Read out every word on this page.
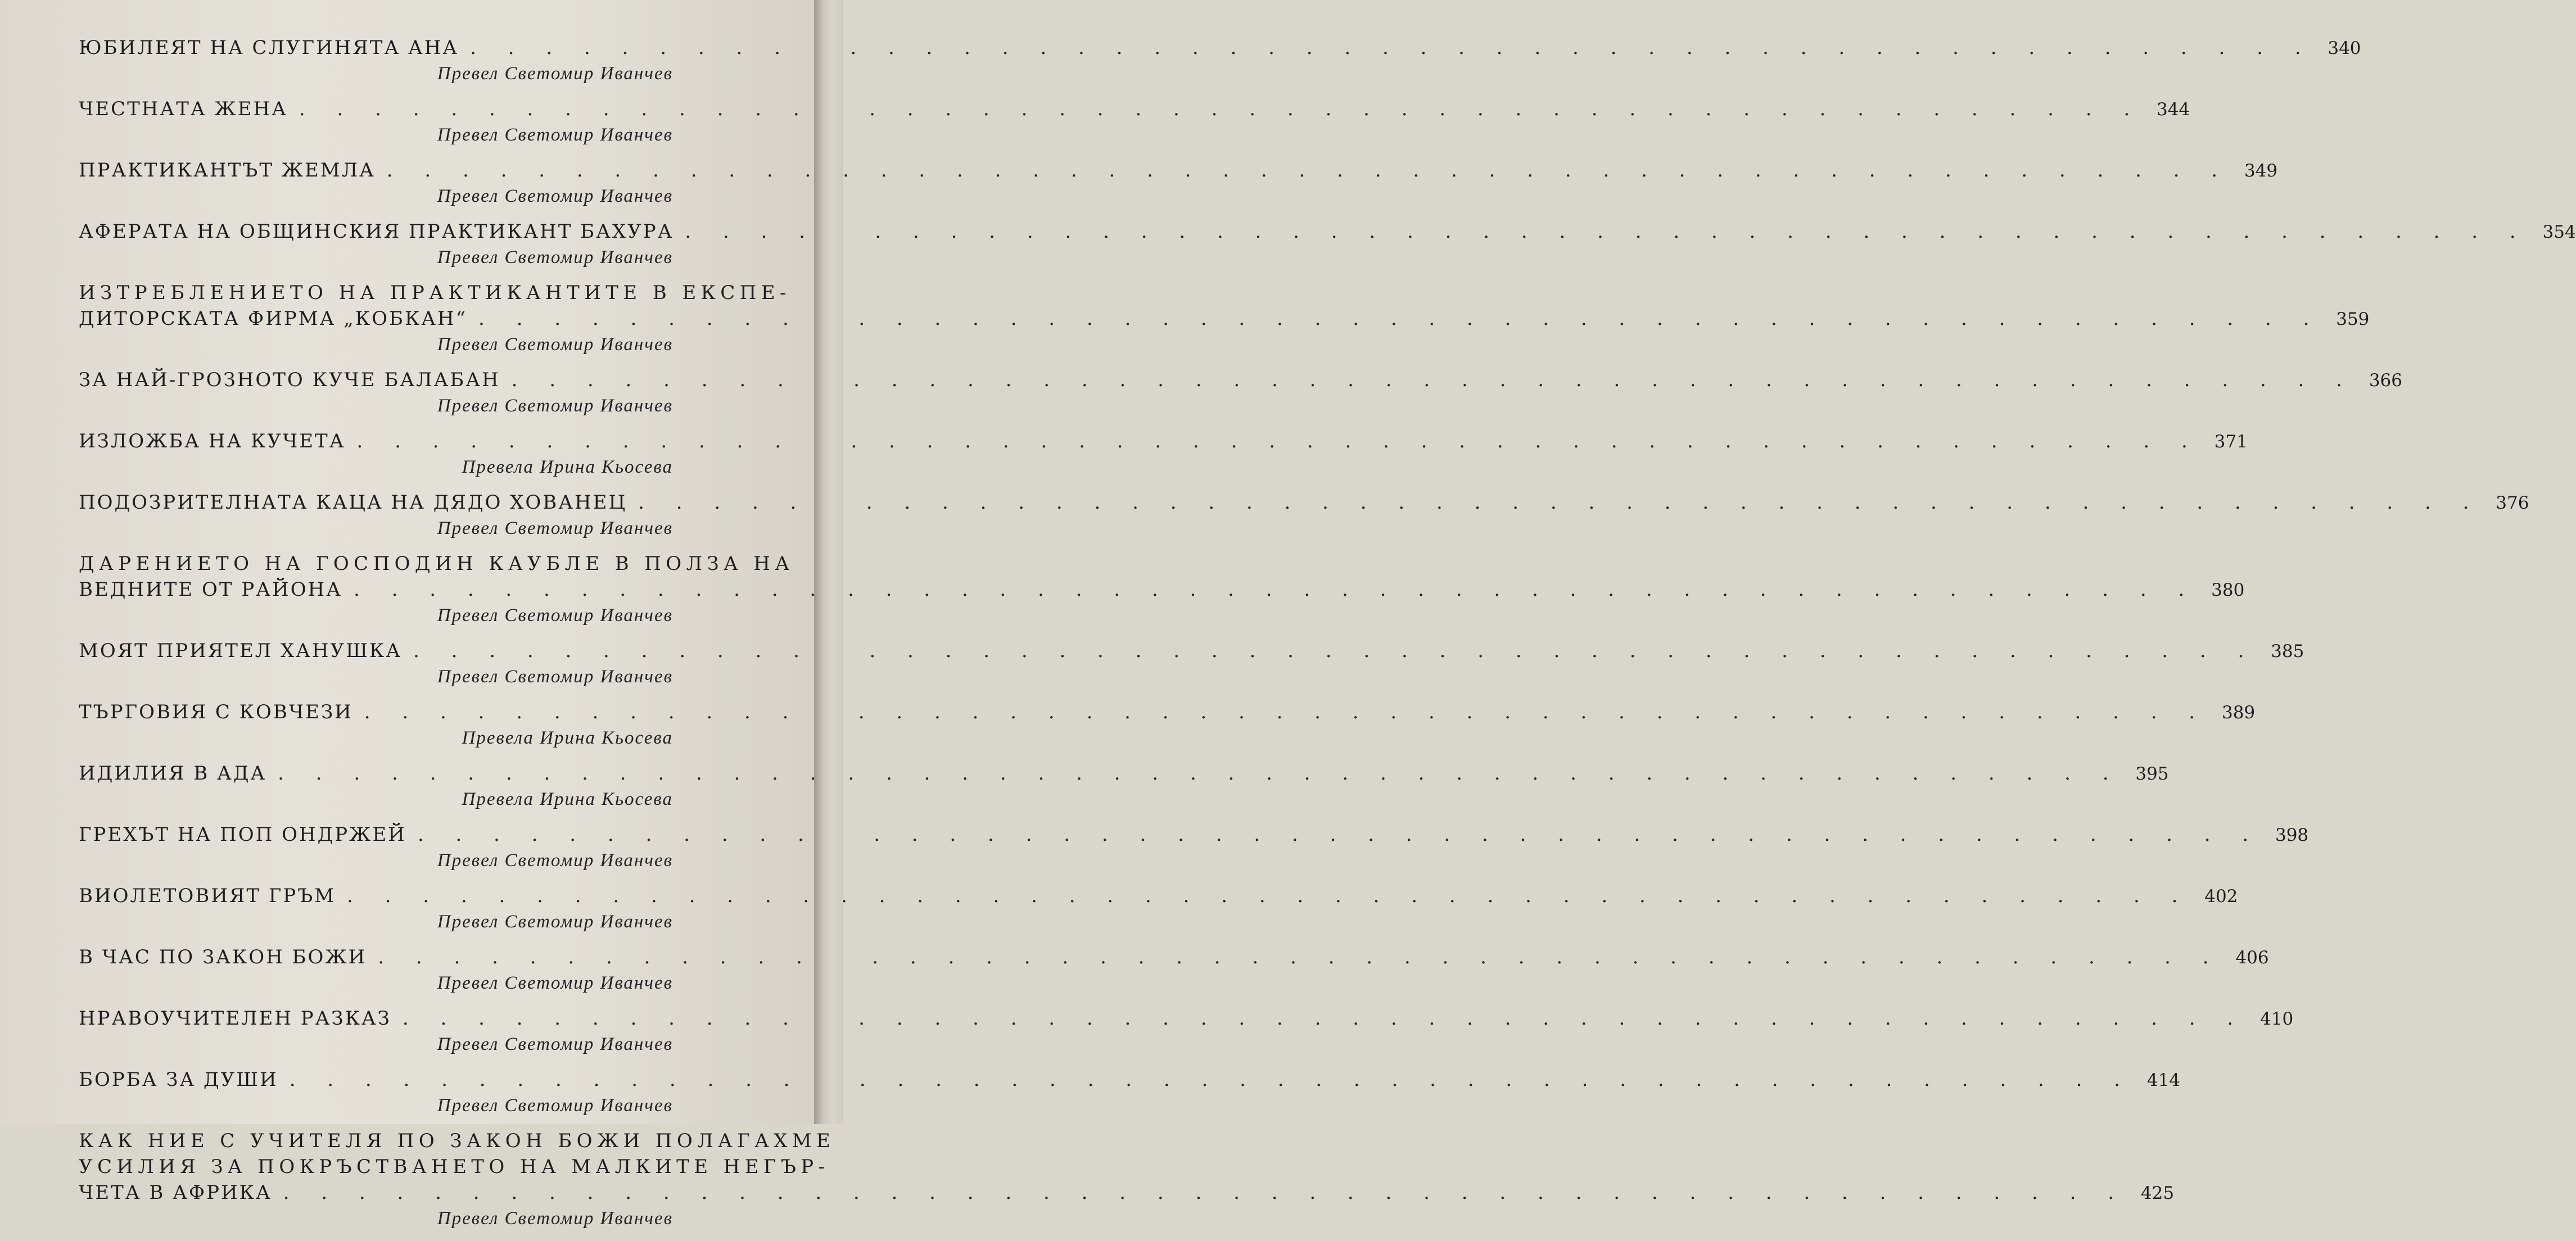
ЮБИЛЕЯТ НА СЛУГИНЯТА АНА . . .	340
Превел Светомир Иванчев
ЧЕСТНАТА ЖЕНА . . .	344
Превел Светомир Иванчев
ПРАКТИКАНТЪТ ЖЕМЛА . . .	349
Превел Светомир Иванчев
АФЕРАТА НА ОБЩИНСКИЯ ПРАКТИКАНТ БАХУРА . . .	354
Превел Светомир Иванчев
ИЗТРЕБЛЕНИЕТО НА ПРАКТИКАНТИТЕ В ЕКСПЕ-
ДИТОРСКАТА ФИРМА „КОБКАН“ . . .	359
Превел Светомир Иванчев
ЗА НАЙ-ГРОЗНОТО КУЧЕ БАЛАБАН . . .	366
Превел Светомир Иванчев
ИЗЛОЖБА НА КУЧЕТА . . .	371
Превела Ирина Кьосева
ПОДОЗРИТЕЛНАТА КАЦА НА ДЯДО ХОВАНЕЦ . . .	376
Превел Светомир Иванчев
ДАРЕНИЕТО НА ГОСПОДИН КАУБЛЕ В ПОЛЗА НА
ВЕДНИТЕ ОТ РАЙОНА . . .	380
Превел Светомир Иванчев
МОЯТ ПРИЯТЕЛ ХАНУШКА . . .	385
Превел Светомир Иванчев
ТЪРГОВИЯ С КОВЧЕЗИ . . .	389
Превела Ирина Кьосева
ИДИЛИЯ В АДА . . .	395
Превела Ирина Кьосева
ГРЕХЪТ НА ПОП ОНДРЖЕЙ . . .	398
Превел Светомир Иванчев
ВИОЛЕТОВИЯТ ГРЪМ . . .	402
Превел Светомир Иванчев
В ЧАС ПО ЗАКОН БОЖИ . . .	406
Превел Светомир Иванчев
НРАВОУЧИТЕЛЕН РАЗКАЗ . . .	410
Превел Светомир Иванчев
БОРБА ЗА ДУШИ . . .	414
Превел Светомир Иванчев
КАК НИЕ С УЧИТЕЛЯ ПО ЗАКОН БОЖИ ПОЛАГАХМЕ
УСИЛИЯ ЗА ПОКРЪСТВАНЕТО НА МАЛКИТЕ НЕГЪР-
ЧЕТА В АФРИКА . . .	425
Превел Светомир Иванчев
